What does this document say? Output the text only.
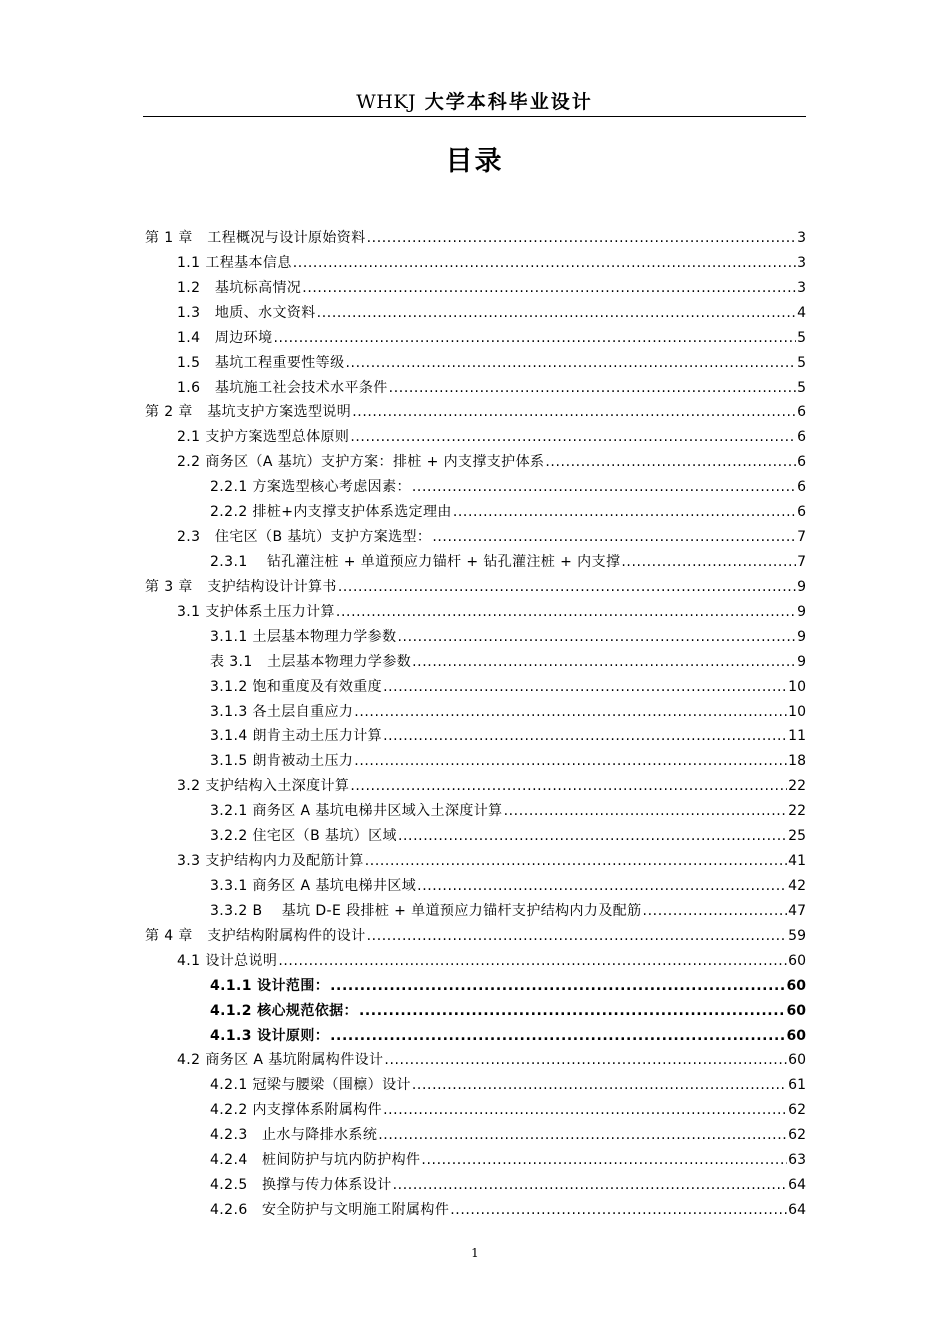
WHKJ 大学本科毕业设计
目录
第 1 章　工程概况与设计原始资料 .....	3
1.1 工程基本信息 .....	3
1.2　基坑标高情况 .....	3
1.3　地质、水文资料 .....	4
1.4　周边环境 .....	5
1.5　基坑工程重要性等级 .....	5
1.6　基坑施工社会技术水平条件 .....	5
第 2 章　基坑支护方案选型说明 .....	6
2.1 支护方案选型总体原则 .....	6
2.2 商务区（A 基坑）支护方案：排桩 + 内支撑支护体系 .....	6
2.2.1 方案选型核心考虑因素： .....	6
2.2.2 排桩+内支撑支护体系选定理由 .....	6
2.3　住宅区（B 基坑）支护方案选型： .....	7
2.3.1　 钻孔灌注桩 + 单道预应力锚杆 + 钻孔灌注桩 + 内支撑 .....	7
第 3 章　支护结构设计计算书 .....	9
3.1 支护体系土压力计算 .....	9
3.1.1 土层基本物理力学参数 .....	9
表 3.1　土层基本物理力学参数 .....	9
3.1.2 饱和重度及有效重度 .....	10
3.1.3 各土层自重应力 .....	10
3.1.4 朗肯主动土压力计算 .....	11
3.1.5 朗肯被动土压力 .....	18
3.2 支护结构入土深度计算 .....	22
3.2.1 商务区 A 基坑电梯井区域入土深度计算 .....	22
3.2.2 住宅区（B 基坑）区域 .....	25
3.3 支护结构内力及配筋计算 .....	41
3.3.1 商务区 A 基坑电梯井区域 .....	42
3.3.2 B　 基坑 D-E 段排桩 + 单道预应力锚杆支护结构内力及配筋 .....	47
第 4 章　支护结构附属构件的设计 .....	59
4.1 设计总说明 .....	60
4.1.1 设计范围： .....	60
4.1.2 核心规范依据： .....	60
4.1.3 设计原则： .....	60
4.2 商务区 A 基坑附属构件设计 .....	60
4.2.1 冠梁与腰梁（围檩）设计 .....	61
4.2.2 内支撑体系附属构件 .....	62
4.2.3　止水与降排水系统 .....	62
4.2.4　桩间防护与坑内防护构件 .....	63
4.2.5　换撑与传力体系设计 .....	64
4.2.6　安全防护与文明施工附属构件 .....	64
1
